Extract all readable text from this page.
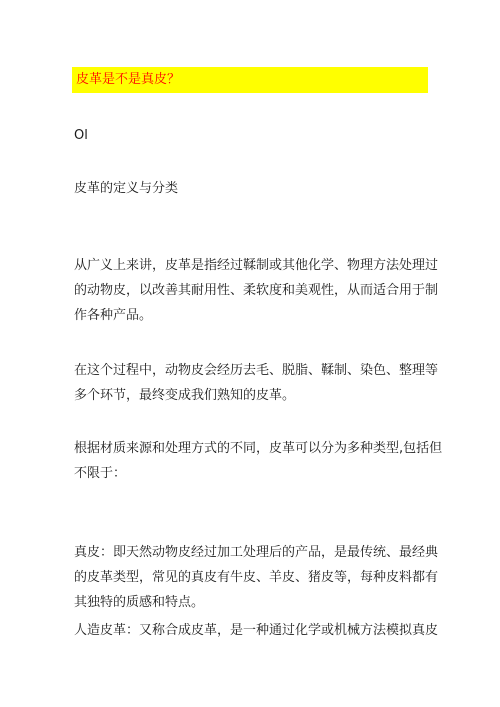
皮革是不是真皮？
Ol
皮革的定义与分类

从广义上来讲，皮革是指经过鞣制或其他化学、物理方法处理过
的动物皮，以改善其耐用性、柔软度和美观性，从而适合用于制
作各种产品。

在这个过程中，动物皮会经历去毛、脱脂、鞣制、染色、整理等
多个环节，最终变成我们熟知的皮革。

根据材质来源和处理方式的不同，皮革可以分为多种类型,包括但
不限于：

真皮：即天然动物皮经过加工处理后的产品，是最传统、最经典
的皮革类型，常见的真皮有牛皮、羊皮、猪皮等，每种皮料都有
其独特的质感和特点。

人造皮革：又称合成皮革，是一种通过化学或机械方法模拟真皮
